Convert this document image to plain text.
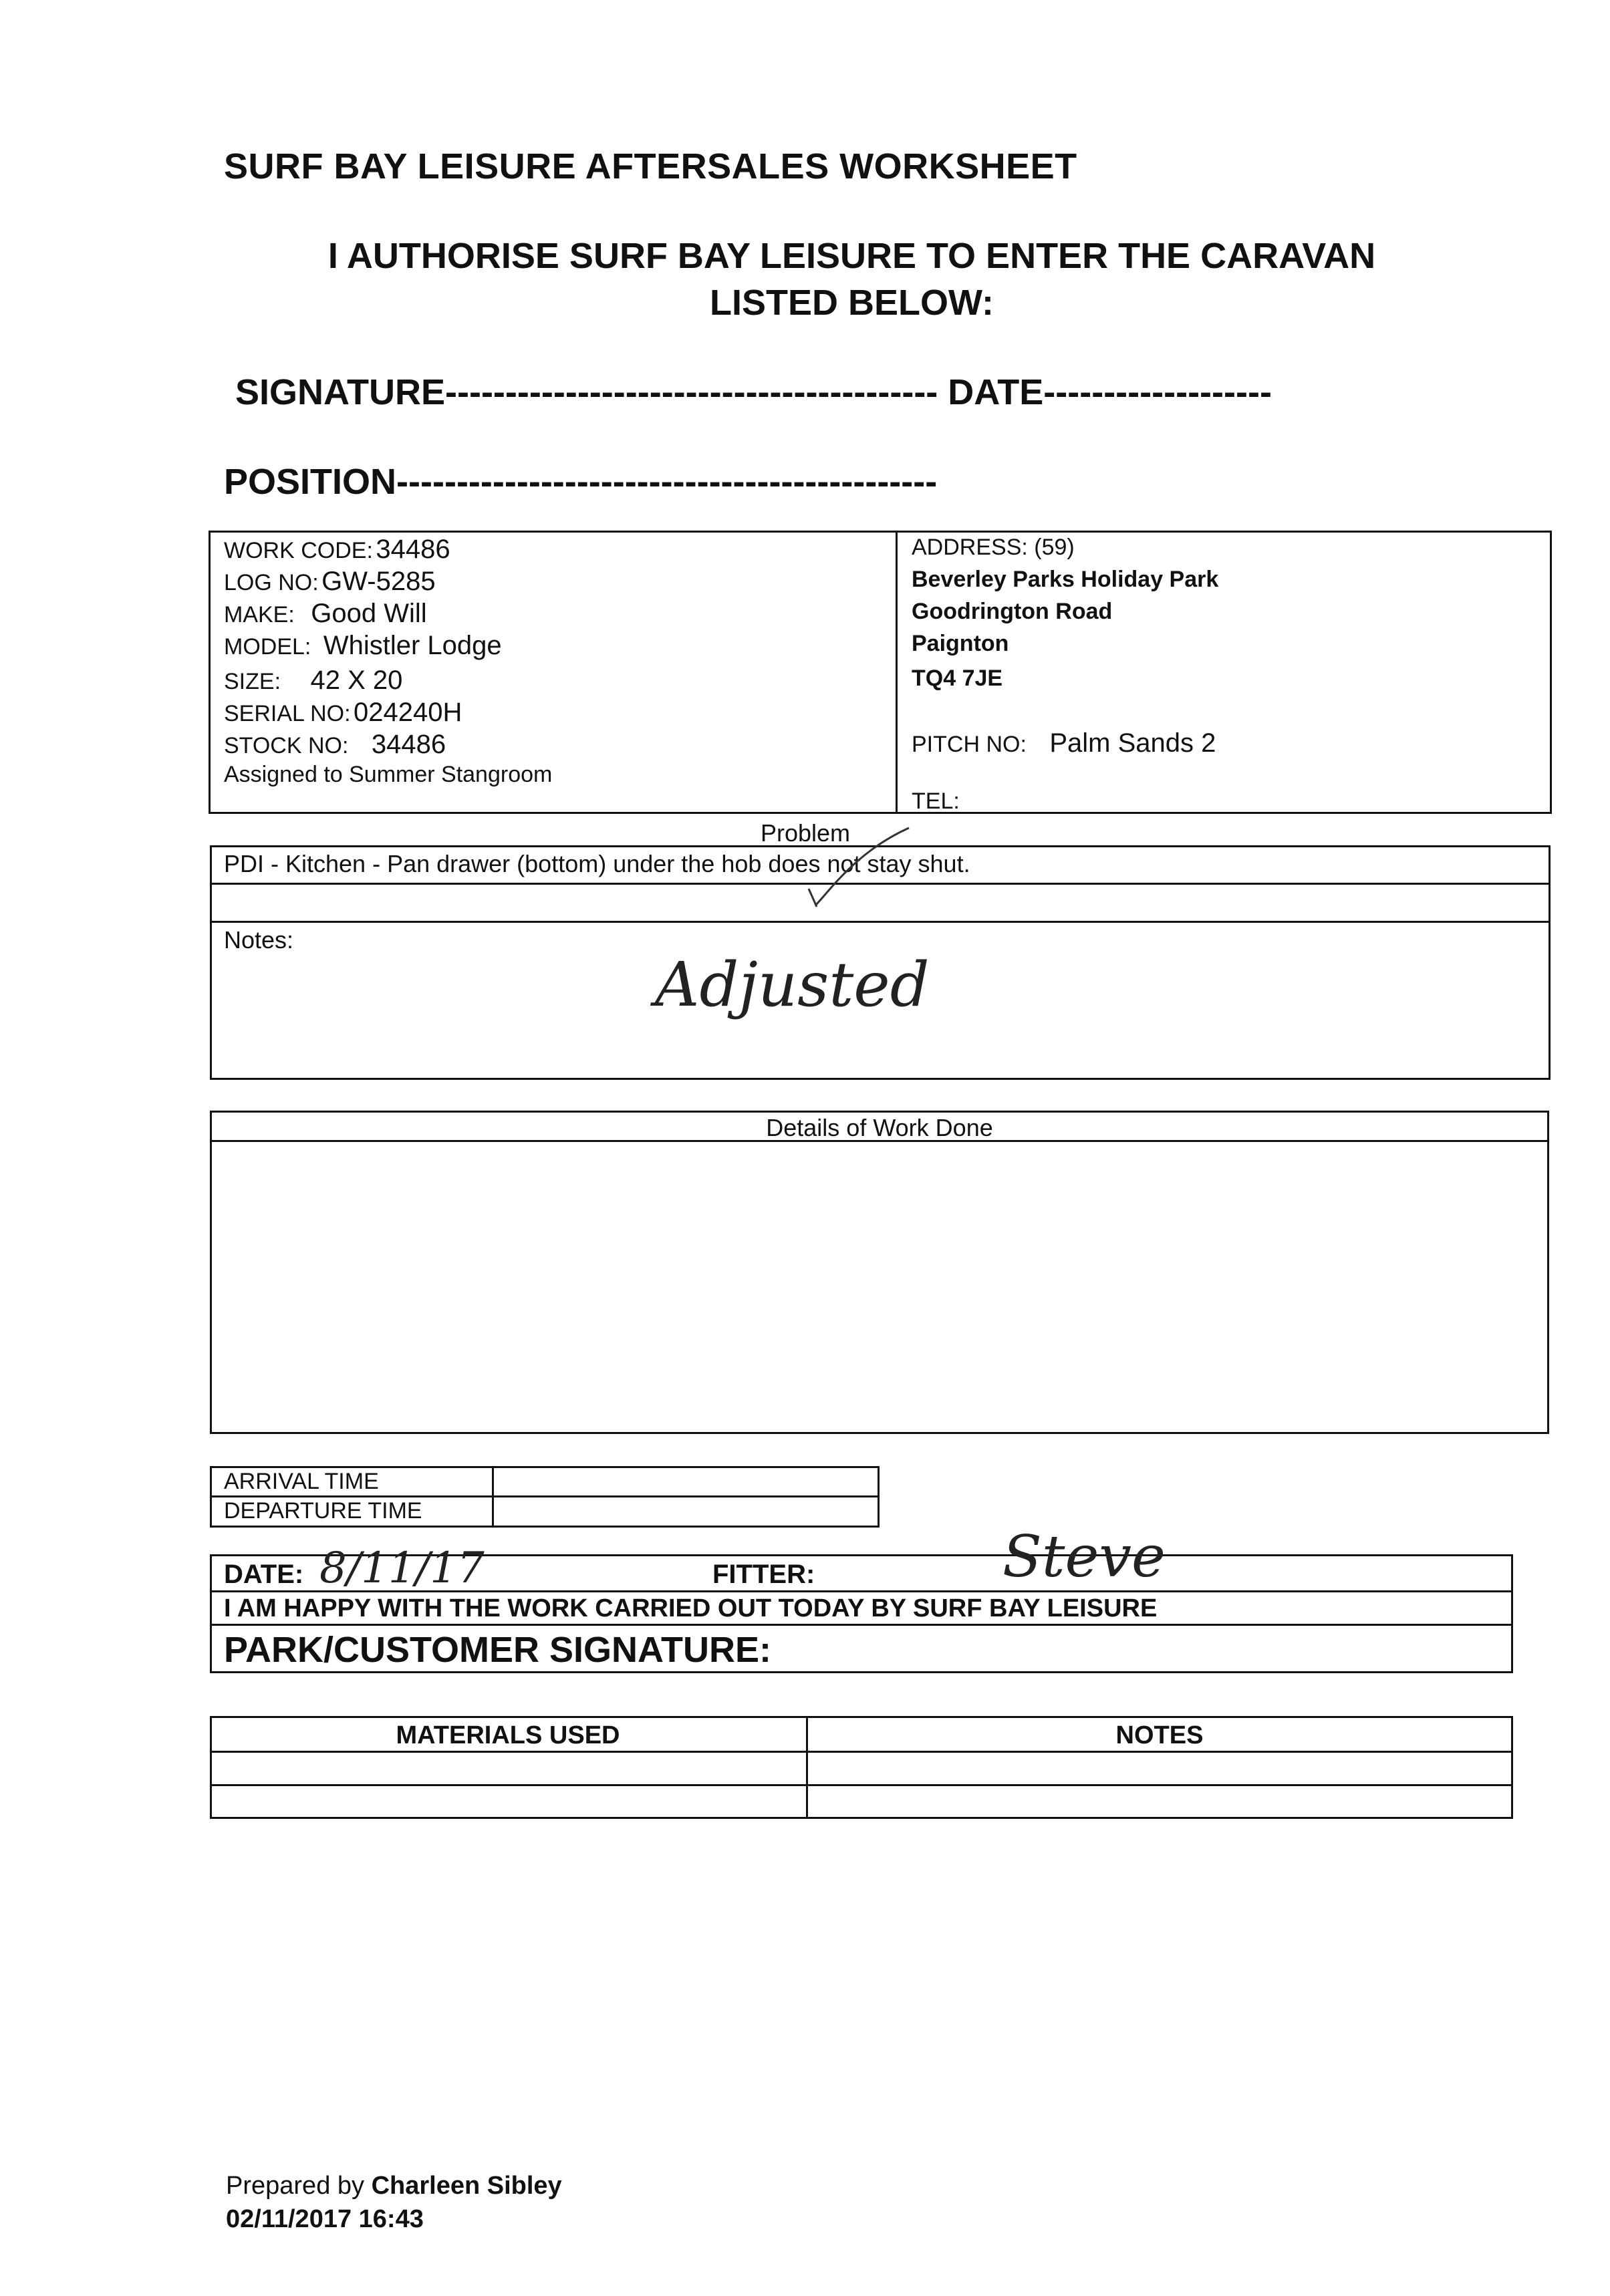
SURF BAY LEISURE AFTERSALES WORKSHEET
I AUTHORISE SURF BAY LEISURE TO ENTER THE CARAVAN
LISTED BELOW:
SIGNATURE----------------------------------------- DATE-------------------
POSITION---------------------------------------------
WORK CODE: 34486
LOG NO: GW-5285
MAKE: Good Will
MODEL: Whistler Lodge
SIZE: 42 X 20
SERIAL NO: 024240H
STOCK NO: 34486
Assigned to Summer Stangroom
ADDRESS: (59)
Beverley Parks Holiday Park
Goodrington Road
Paignton
TQ4 7JE
PITCH NO: Palm Sands 2
TEL:
Problem
PDI - Kitchen - Pan drawer (bottom) under the hob does not stay shut.
Notes:
Adjusted
Details of Work Done
ARRIVAL TIME
DEPARTURE TIME
DATE: 8/11/17	FITTER:	Steve
I AM HAPPY WITH THE WORK CARRIED OUT TODAY BY SURF BAY LEISURE
PARK/CUSTOMER SIGNATURE:
MATERIALS USED	NOTES
Prepared by Charleen Sibley
02/11/2017 16:43
